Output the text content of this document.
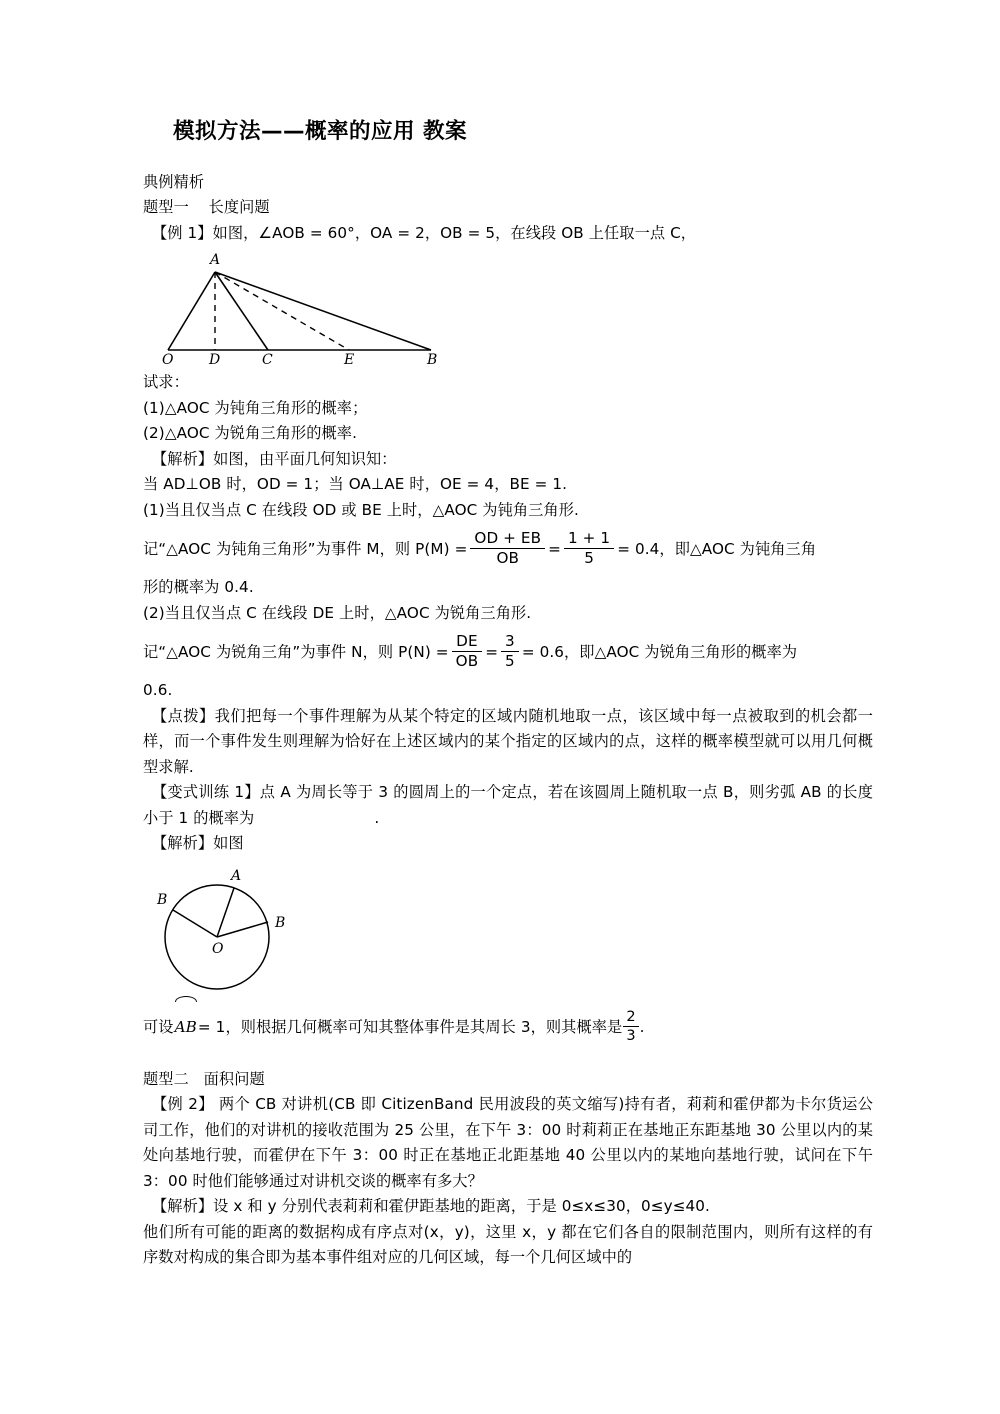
模拟方法——概率的应用 教案

典例精析

题型一    长度问题

【例 1】如图，∠AOB = 60°，OA = 2，OB = 5，在线段 OB 上任取一点 C，

A
O	D	C	E	B

试求：

(1)△AOC 为钝角三角形的概率；

(2)△AOC 为锐角三角形的概率.

【解析】如图，由平面几何知识知：

当 AD⊥OB 时，OD = 1；当 OA⊥AE 时，OE = 4，BE = 1.

(1)当且仅当点 C 在线段 OD 或 BE 上时，△AOC 为钝角三角形.

记“△AOC 为钝角三角形”为事件 M，则 $P(M) = \frac{OD + EB}{OB} = \frac{1 + 1}{5} = 0.4$，即△AOC 为钝角三角

形的概率为 0.4.

(2)当且仅当点 C 在线段 DE 上时，△AOC 为锐角三角形.

记“△AOC 为锐角三角”为事件 N，则 $P(N) = \frac{DE}{OB} = \frac{3}{5} = 0.6$，即△AOC 为锐角三角形的概率为

0.6.

【点拨】我们把每一个事件理解为从某个特定的区域内随机地取一点，该区域中每一点被取到的机会都一样，而一个事件发生则理解为恰好在上述区域内的某个指定的区域内的点，这样的概率模型就可以用几何概型求解.

【变式训练 1】点 A 为周长等于 3 的圆周上的一个定点，若在该圆周上随机取一点 B，则劣弧 AB 的长度小于 1 的概率为	.

【解析】如图

A
B
B
O

可设
AB= 1，则根据几何概率可知其整体事件是其周长 3，则其概率是 $\frac{2}{3}$ .

题型二   面积问题

【例 2】 两个 CB 对讲机(CB 即 CitizenBand 民用波段的英文缩写)持有者，莉莉和霍伊都为卡尔货运公司工作，他们的对讲机的接收范围为 25 公里，在下午 3：00 时莉莉正在基地正东距基地 30 公里以内的某处向基地行驶，而霍伊在下午 3：00 时正在基地正北距基地 40 公里以内的某地向基地行驶，试问在下午 3：00 时他们能够通过对讲机交谈的概率有多大？

【解析】设 x 和 y 分别代表莉莉和霍伊距基地的距离，于是 0≤x≤30，0≤y≤40.

他们所有可能的距离的数据构成有序点对(x，y)，这里 x，y 都在它们各自的限制范围内，则所有这样的有序数对构成的集合即为基本事件组对应的几何区域，每一个几何区域中的
